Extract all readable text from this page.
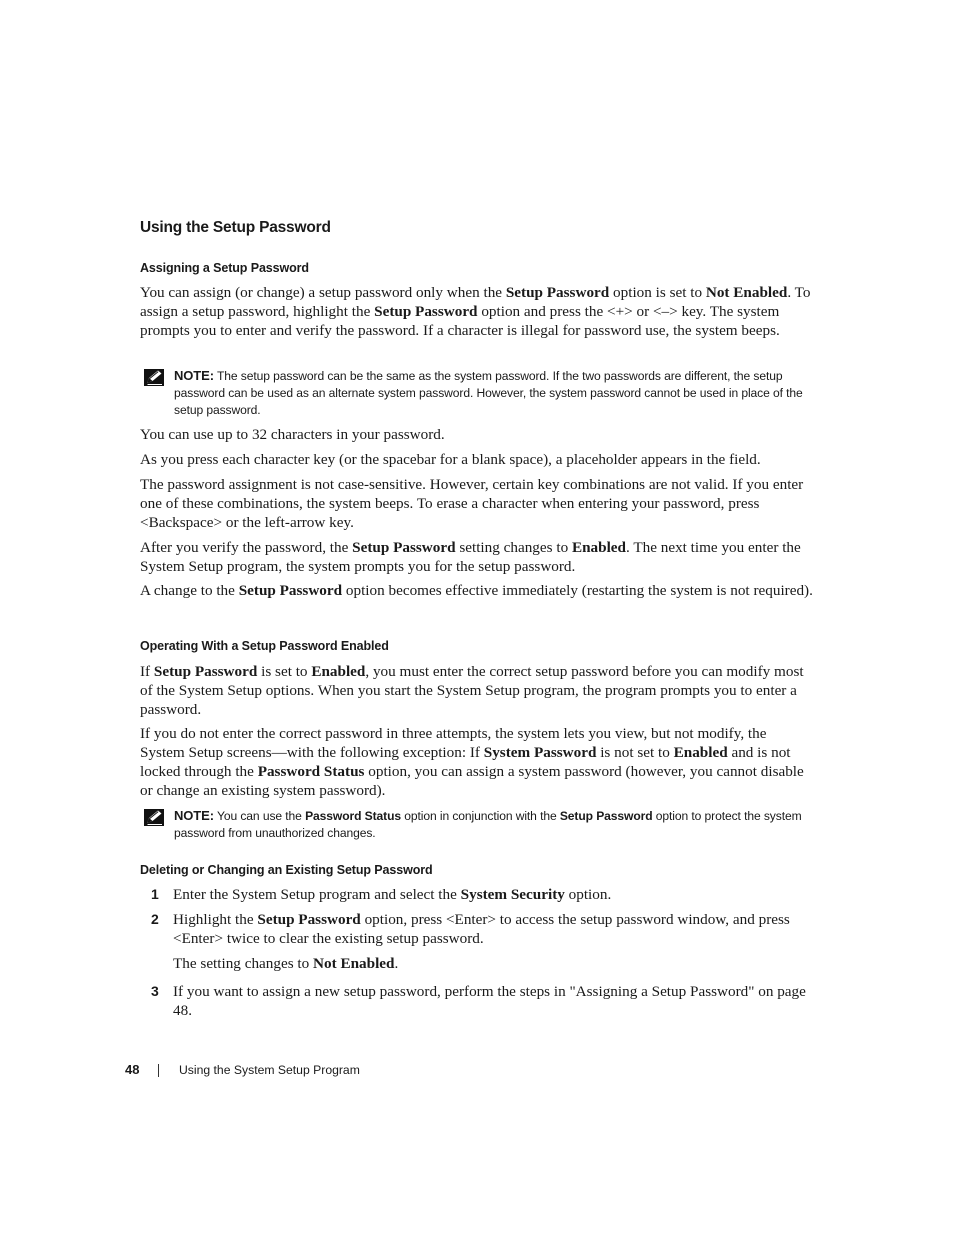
Using the Setup Password
Assigning a Setup Password

You can assign (or change) a setup password only when the Setup Password option is set to Not Enabled. To assign a setup password, highlight the Setup Password option and press the <+> or <–> key. The system prompts you to enter and verify the password. If a character is illegal for password use, the system beeps.

NOTE: The setup password can be the same as the system password. If the two passwords are different, the setup password can be used as an alternate system password. However, the system password cannot be used in place of the setup password.

You can use up to 32 characters in your password.

As you press each character key (or the spacebar for a blank space), a placeholder appears in the field.

The password assignment is not case-sensitive. However, certain key combinations are not valid. If you enter one of these combinations, the system beeps. To erase a character when entering your password, press <Backspace> or the left-arrow key.

After you verify the password, the Setup Password setting changes to Enabled. The next time you enter the System Setup program, the system prompts you for the setup password.

A change to the Setup Password option becomes effective immediately (restarting the system is not required).

Operating With a Setup Password Enabled

If Setup Password is set to Enabled, you must enter the correct setup password before you can modify most of the System Setup options. When you start the System Setup program, the program prompts you to enter a password.

If you do not enter the correct password in three attempts, the system lets you view, but not modify, the System Setup screens—with the following exception: If System Password is not set to Enabled and is not locked through the Password Status option, you can assign a system password (however, you cannot disable or change an existing system password).

NOTE: You can use the Password Status option in conjunction with the Setup Password option to protect the system password from unauthorized changes.
Deleting or Changing an Existing Setup Password
1 Enter the System Setup program and select the System Security option.

2 Highlight the Setup Password option, press <Enter> to access the setup password window, and press <Enter> twice to clear the existing setup password.

The setting changes to Not Enabled.

3 If you want to assign a new setup password, perform the steps in "Assigning a Setup Password" on page 48.

48	Using the System Setup Program
